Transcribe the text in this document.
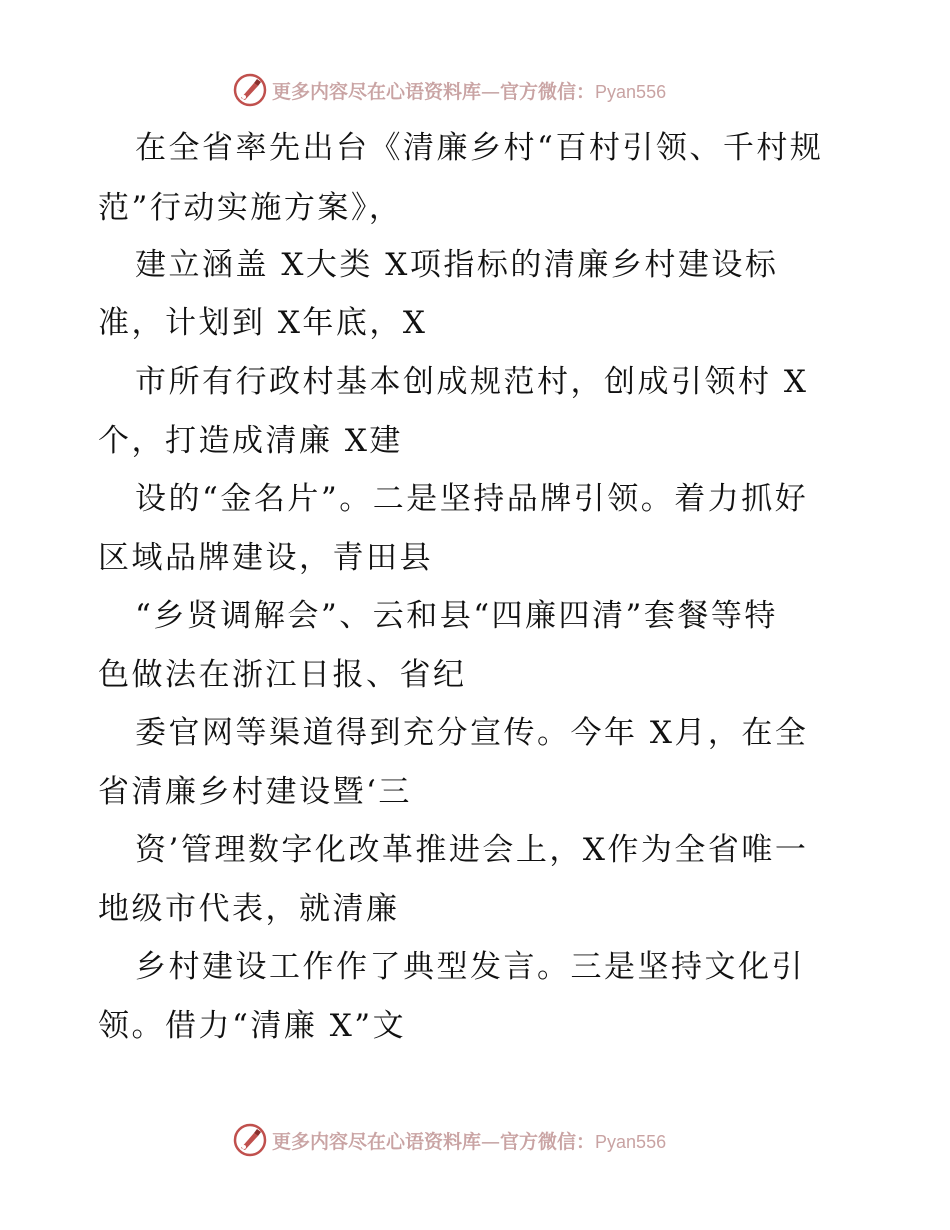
更多内容尽在心语资料库—官方微信：Pyan556
在全省率先出台《清廉乡村“百村引领、千村规
范”行动实施方案》，
建立涵盖 X大类 X项指标的清廉乡村建设标
准，计划到 X年底，X
市所有行政村基本创成规范村，创成引领村 X
个，打造成清廉 X建
设的“金名片”。二是坚持品牌引领。着力抓好
区域品牌建设，青田县
“乡贤调解会”、云和县“四廉四清”套餐等特
色做法在浙江日报、省纪
委官网等渠道得到充分宣传。今年 X月，在全
省清廉乡村建设暨‘三
资’管理数字化改革推进会上，X作为全省唯一
地级市代表，就清廉
乡村建设工作作了典型发言。三是坚持文化引
领。借力“清廉 X”文
更多内容尽在心语资料库—官方微信：Pyan556
